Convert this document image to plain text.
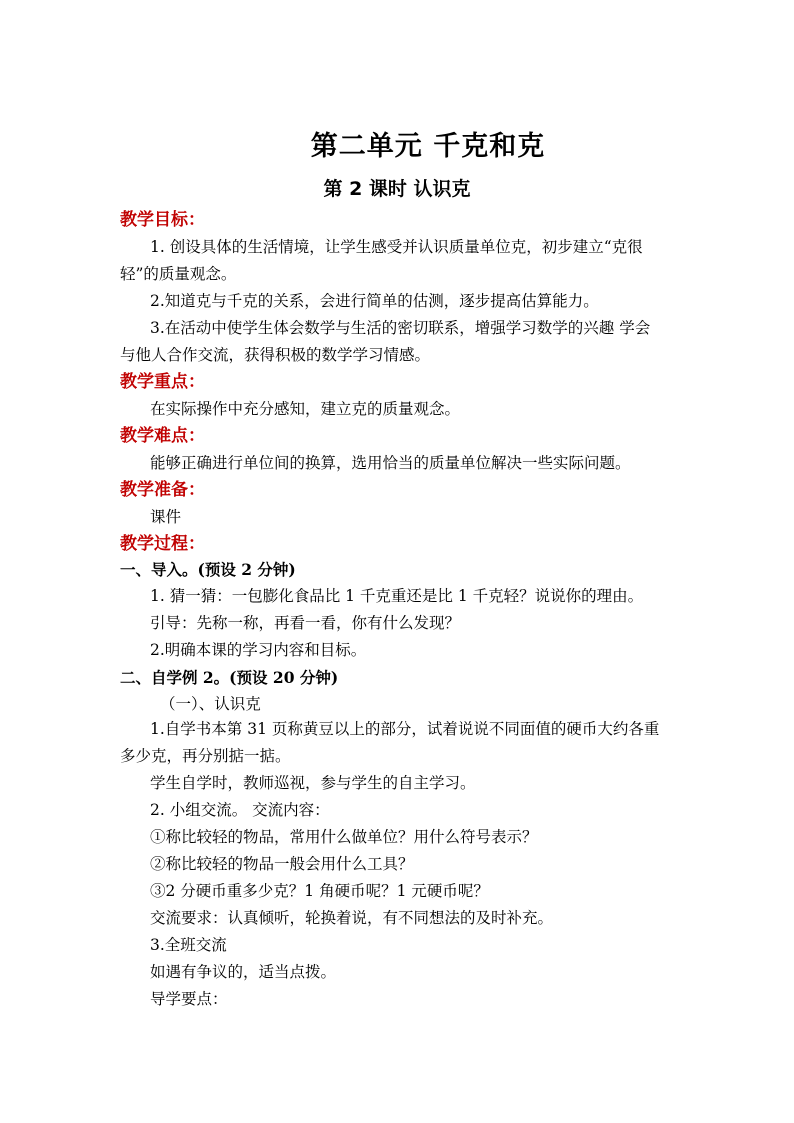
第二单元 千克和克
第 2 课时 认识克
教学目标：
1. 创设具体的生活情境，让学生感受并认识质量单位克，初步建立“克很
轻”的质量观念。
2.知道克与千克的关系，会进行简单的估测，逐步提高估算能力。
3.在活动中使学生体会数学与生活的密切联系，增强学习数学的兴趣 学会
与他人合作交流，获得积极的数学学习情感。
教学重点：
在实际操作中充分感知，建立克的质量观念。
教学难点：
能够正确进行单位间的换算，选用恰当的质量单位解决一些实际问题。
教学准备：
课件
教学过程：
一、导入。(预设 2 分钟)
1. 猜一猜：一包膨化食品比 1 千克重还是比 1 千克轻？说说你的理由。
引导：先称一称，再看一看，你有什么发现？
2.明确本课的学习内容和目标。
二、自学例 2。(预设 20 分钟)
（一）、认识克
1.自学书本第 31 页称黄豆以上的部分，试着说说不同面值的硬币大约各重
多少克，再分别掂一掂。
学生自学时，教师巡视，参与学生的自主学习。
2. 小组交流。 交流内容：
①称比较轻的物品，常用什么做单位？用什么符号表示？
②称比较轻的物品一般会用什么工具？
③2 分硬币重多少克？1 角硬币呢？1 元硬币呢？
交流要求：认真倾听，轮换着说，有不同想法的及时补充。
3.全班交流
如遇有争议的，适当点拨。
导学要点：
